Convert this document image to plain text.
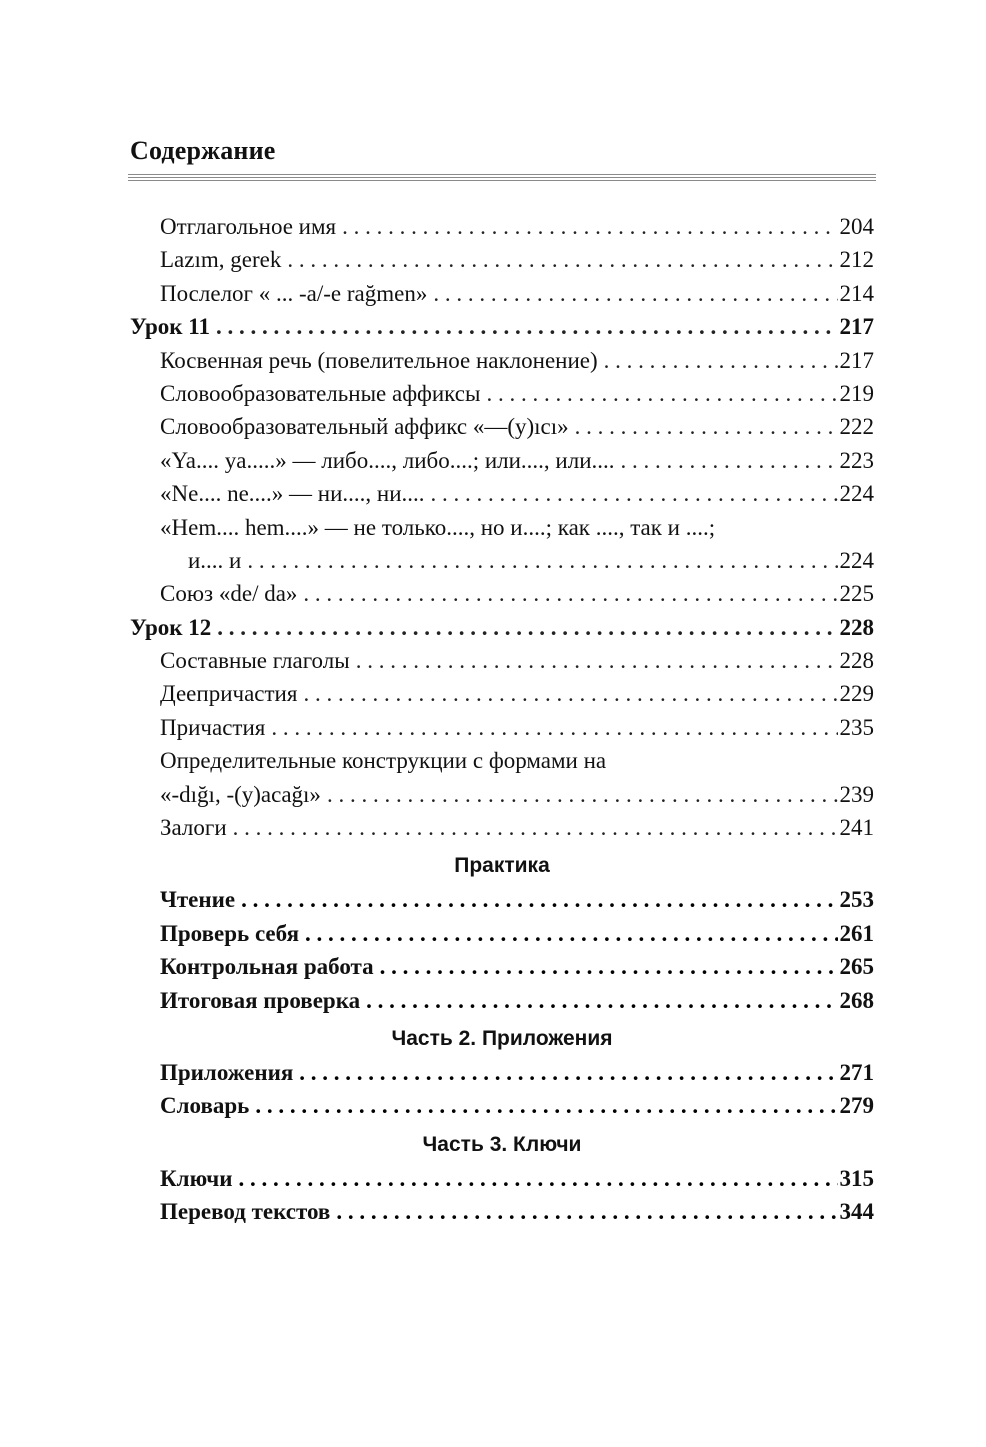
Содержание
Отглагольное имя . . .	204
Lazım, gerek . . .	212
Послелог « ... -a/-e rağmen» . . .	214
Урок 11 . . .	217
Косвенная речь (повелительное наклонение) . . .	217
Словообразовательные аффиксы . . .	219
Словообразовательный аффикс «—(y)ıcı» . . .	222
«Ya.... ya.....» — либо...., либо....; или...., или.... . . .	223
«Ne.... ne....» — ни...., ни.... . . .	224
«Hem.... hem....» — не только...., но и....; как ...., так и ....;
и.... и . . .	224
Союз «de/ da» . . .	225
Урок 12 . . .	228
Составные глаголы . . .	228
Деепричастия . . .	229
Причастия . . .	235
Определительные конструкции с формами на
«-dığı, -(y)acağı» . . .	239
Залоги . . .	241
Практика
Чтение . . .	253
Проверь себя . . .	261
Контрольная работа . . .	265
Итоговая проверка . . .	268
Часть 2. Приложения
Приложения . . .	271
Словарь . . .	279
Часть 3. Ключи
Ключи . . .	315
Перевод текстов . . .	344
